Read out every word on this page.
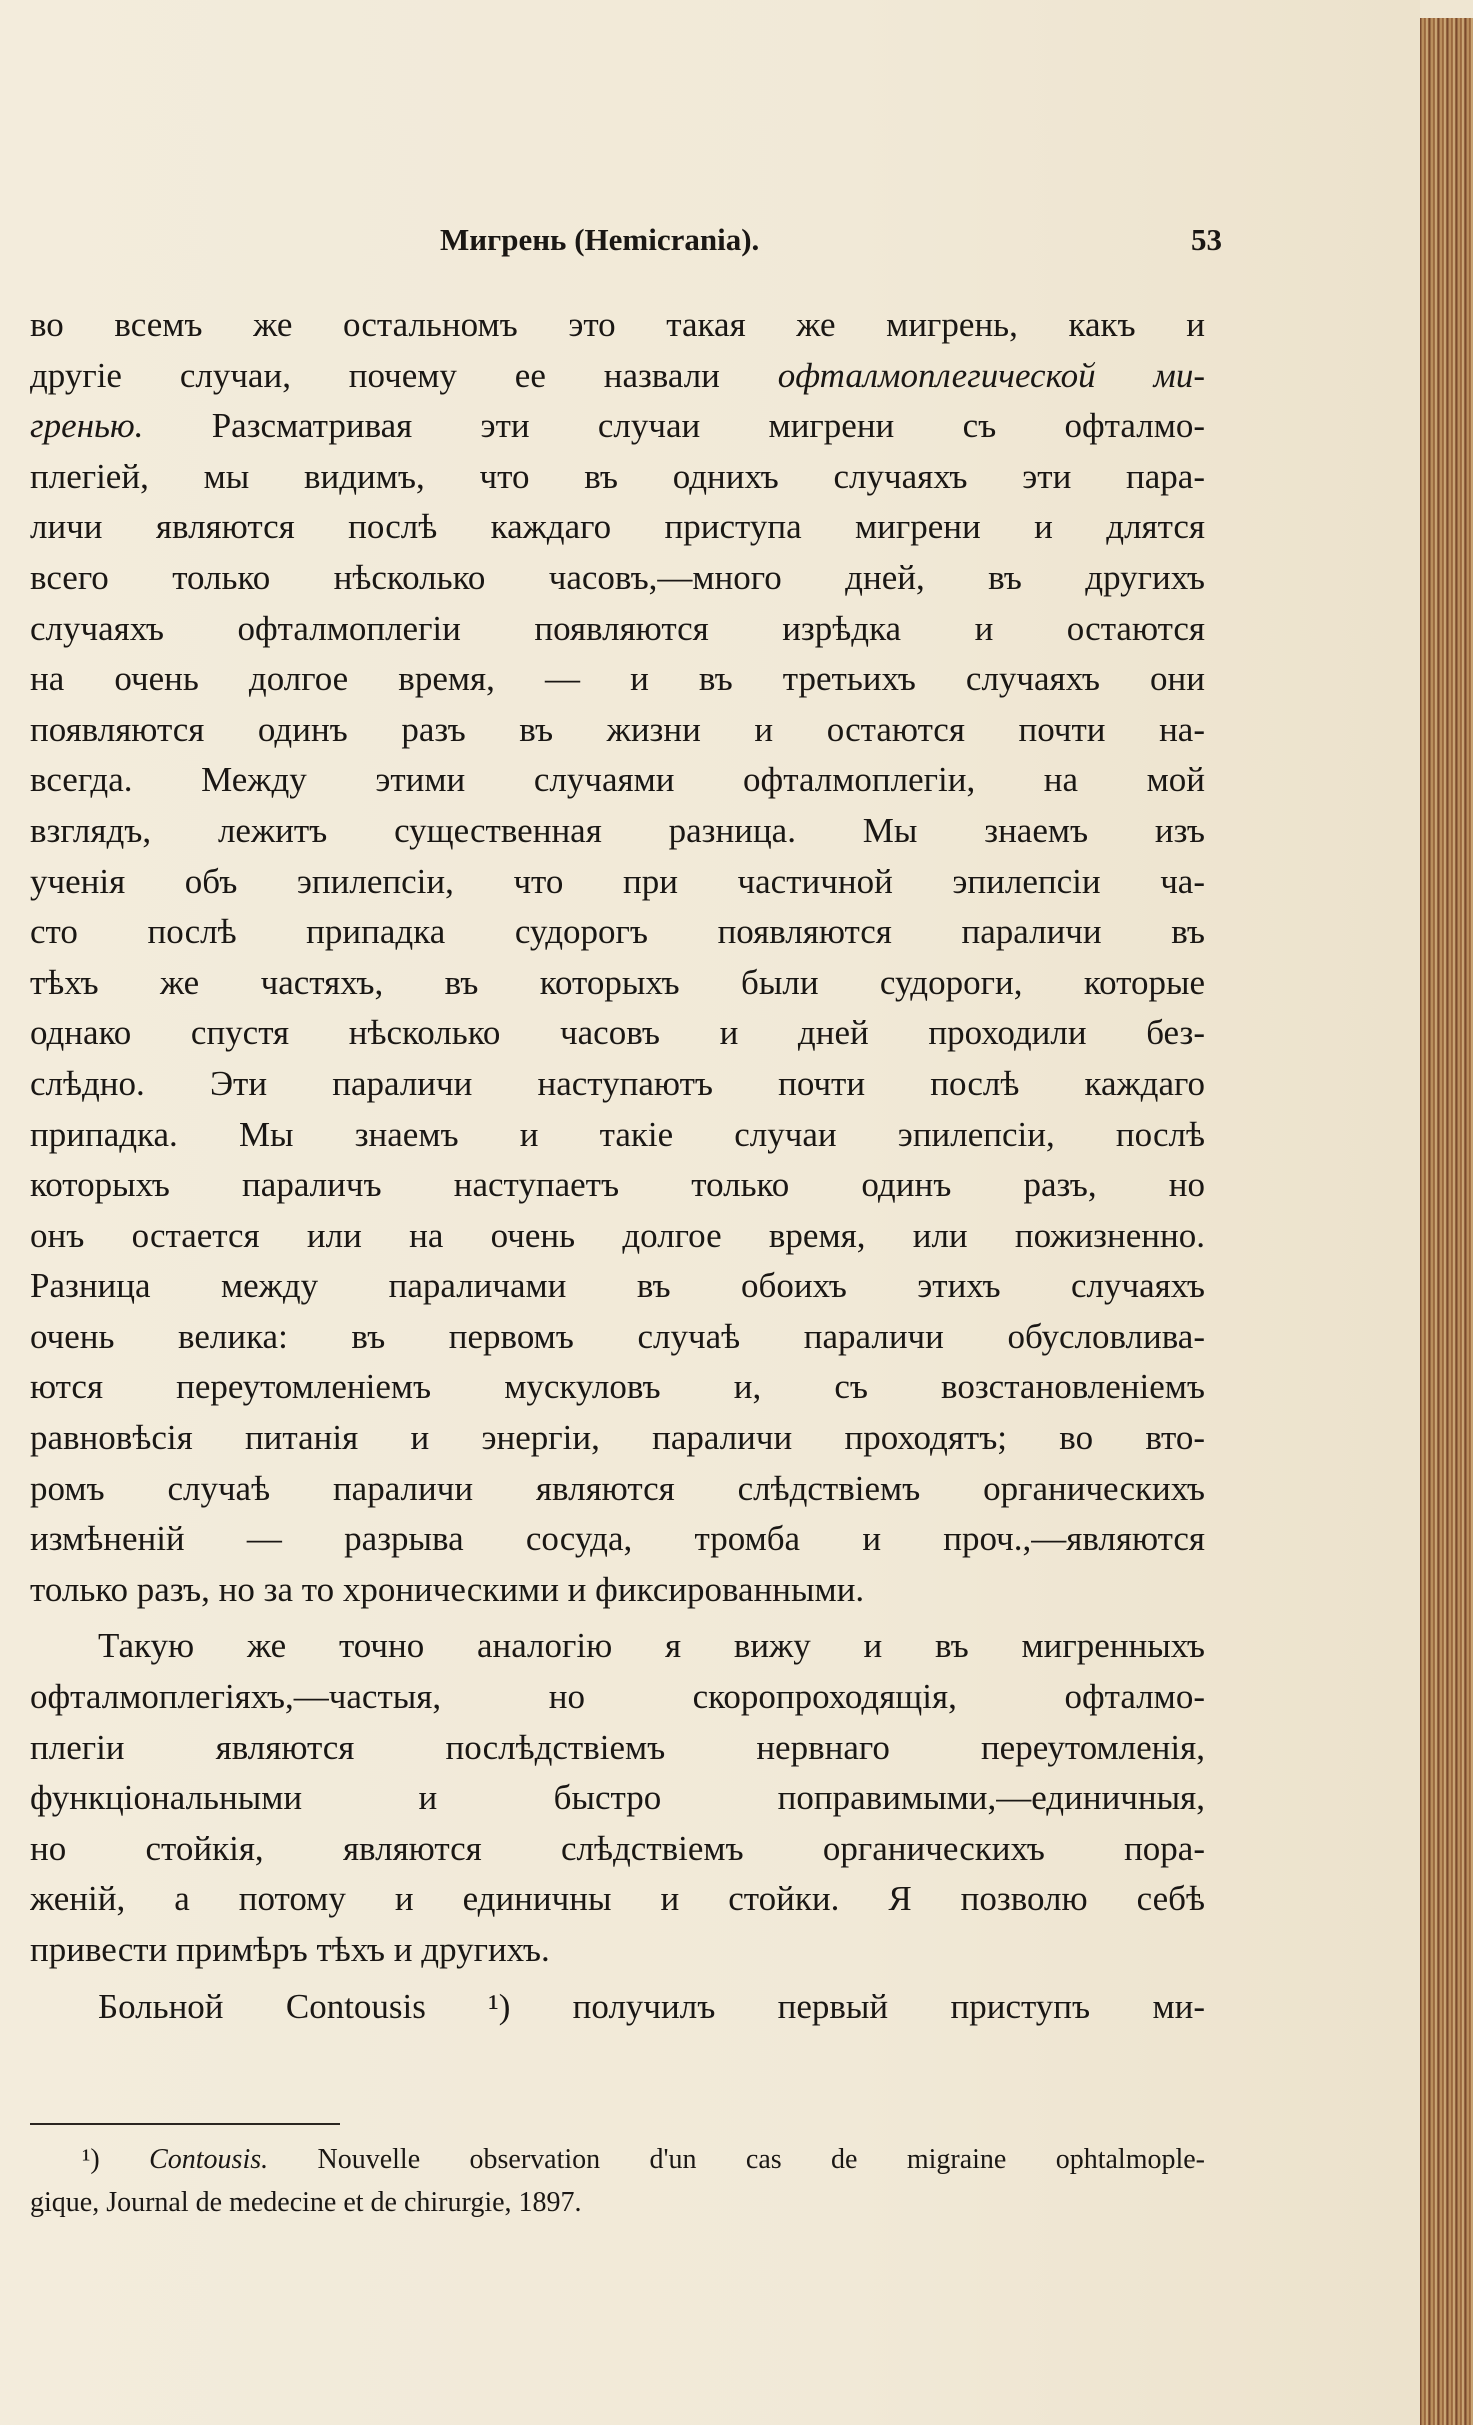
Мигрень (Hemicrania).	53
во всемъ же остальномъ это такая же мигрень, какъ и
другіе случаи, почему ее назвали офталмоплегической ми-
гренью. Разсматривая эти случаи мигрени съ офталмо-
плегіей, мы видимъ, что въ однихъ случаяхъ эти пара-
личи являются послѣ каждаго приступа мигрени и длятся
всего только нѣсколько часовъ,—много дней, въ другихъ
случаяхъ офталмоплегіи появляются изрѣдка и остаются
на очень долгое время, — и въ третьихъ случаяхъ они
появляются одинъ разъ въ жизни и остаются почти на-
всегда. Между этими случаями офталмоплегіи, на мой
взглядъ, лежитъ существенная разница. Мы знаемъ изъ
ученія объ эпилепсіи, что при частичной эпилепсіи ча-
сто послѣ припадка судорогъ появляются параличи въ
тѣхъ же частяхъ, въ которыхъ были судороги, которые
однако спустя нѣсколько часовъ и дней проходили без-
слѣдно. Эти параличи наступаютъ почти послѣ каждаго
припадка. Мы знаемъ и такіе случаи эпилепсіи, послѣ
которыхъ параличъ наступаетъ только одинъ разъ, но
онъ остается или на очень долгое время, или пожизненно.
Разница между параличами въ обоихъ этихъ случаяхъ
очень велика: въ первомъ случаѣ параличи обусловлива-
ются переутомленіемъ мускуловъ и, съ возстановленіемъ
равновѣсія питанія и энергіи, параличи проходятъ; во вто-
ромъ случаѣ параличи являются слѣдствіемъ органическихъ
измѣненій — разрыва сосуда, тромба и проч.,—являются
только разъ, но за то хроническими и фиксированными.
Такую же точно аналогію я вижу и въ мигренныхъ
офталмоплегіяхъ,—частыя, но скоропроходящія, офталмо-
плегіи являются послѣдствіемъ нервнаго переутомленія,
функціональными и быстро поправимыми,—единичныя,
но стойкія, являются слѣдствіемъ органическихъ пора-
женій, а потому и единичны и стойки. Я позволю себѣ
привести примѣръ тѣхъ и другихъ.
Больной Contousis ¹) получилъ первый приступъ ми-
¹) Contousis. Nouvelle observation d'un cas de migraine ophtalmople-
gique, Journal de medecine et de chirurgie, 1897.
